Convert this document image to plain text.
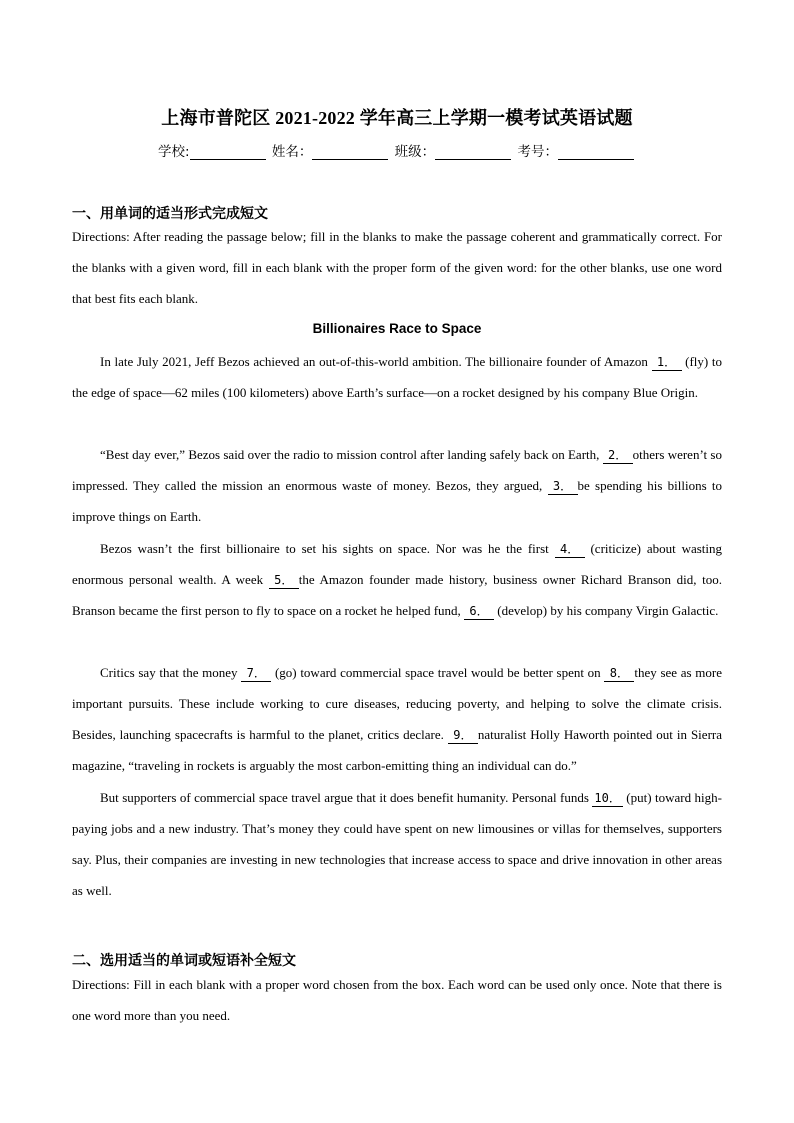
上海市普陀区 2021-2022 学年高三上学期一模考试英语试题
学校:	姓名：	班级：	考号：
一、用单词的适当形式完成短文
Directions: After reading the passage below; fill in the blanks to make the passage coherent and grammatically correct. For the blanks with a given word, fill in each blank with the proper form of the given word: for the other blanks, use one word that best fits each blank.
Billionaires Race to Space
In late July 2021, Jeff Bezos achieved an out-of-this-world ambition. The billionaire founder of Amazon 1． (fly) to the edge of space—62 miles (100 kilometers) above Earth’s surface—on a rocket designed by his company Blue Origin.
“Best day ever,” Bezos said over the radio to mission control after landing safely back on Earth, 2． others weren’t so impressed. They called the mission an enormous waste of money. Bezos, they argued, 3． be spending his billions to improve things on Earth.
Bezos wasn’t the first billionaire to set his sights on space. Nor was he the first 4． (criticize) about wasting enormous personal wealth. A week 5． the Amazon founder made history, business owner Richard Branson did, too. Branson became the first person to fly to space on a rocket he helped fund, 6． (develop) by his company Virgin Galactic.
Critics say that the money 7． (go) toward commercial space travel would be better spent on 8． they see as more important pursuits. These include working to cure diseases, reducing poverty, and helping to solve the climate crisis. Besides, launching spacecrafts is harmful to the planet, critics declare. 9． naturalist Holly Haworth pointed out in Sierra magazine, “traveling in rockets is arguably the most carbon-emitting thing an individual can do.”
But supporters of commercial space travel argue that it does benefit humanity. Personal funds 10． (put) toward high-paying jobs and a new industry. That’s money they could have spent on new limousines or villas for themselves, supporters say. Plus, their companies are investing in new technologies that increase access to space and drive innovation in other areas as well.
二、选用适当的单词或短语补全短文
Directions: Fill in each blank with a proper word chosen from the box. Each word can be used only once. Note that there is one word more than you need.
